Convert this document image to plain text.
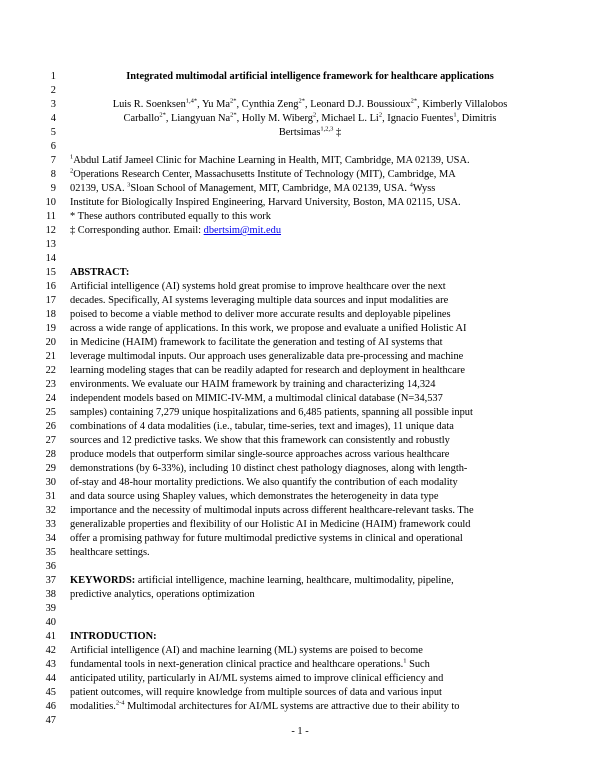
1
2
3
4
5
6
7
8
9
10
11
12
13
14
15
16
17
18
19
20
21
22
23
24
25
26
27
28
29
30
31
32
33
34
35
36
37
38
39
40
41
42
43
44
45
46
47
Integrated multimodal artificial intelligence framework for healthcare applications
Luis R. Soenksen$^{1,4*}$, Yu $Ma^{2*}$, Cynthia Zeng$^{2*}$, Leonard D.J. Boussioux$^{2*}$, Kimberly Villalobos
Carballo$^{2*}$, Liangyuan $Na^{2*}$, Holly M. Wiberg$^2$, Michael L. Li$^2$, Ignacio Fuentes$^1$, Dimitris
Bertsimas$^{1,2,3}$ ‡
$^1$Abdul Latif Jameel Clinic for Machine Learning in Health, MIT, Cambridge, MA 02139, USA.
$^2$Operations Research Center, Massachusetts Institute of Technology (MIT), Cambridge, MA
02139, USA. $^3$Sloan School of Management, MIT, Cambridge, MA 02139, USA. $^4$Wyss
Institute for Biologically Inspired Engineering, Harvard University, Boston, MA 02115, USA.
* These authors contributed equally to this work
‡ Corresponding author. Email: dbertsim@mit.edu
ABSTRACT:
Artificial intelligence (AI) systems hold great promise to improve healthcare over the next
decades. Specifically, AI systems leveraging multiple data sources and input modalities are
poised to become a viable method to deliver more accurate results and deployable pipelines
across a wide range of applications. In this work, we propose and evaluate a unified Holistic AI
in Medicine (HAIM) framework to facilitate the generation and testing of AI systems that
leverage multimodal inputs. Our approach uses generalizable data pre-processing and machine
learning modeling stages that can be readily adapted for research and deployment in healthcare
environments. We evaluate our HAIM framework by training and characterizing 14,324
independent models based on MIMIC-IV-MM, a multimodal clinical database (N=34,537
samples) containing 7,279 unique hospitalizations and 6,485 patients, spanning all possible input
combinations of 4 data modalities (i.e., tabular, time-series, text and images), 11 unique data
sources and 12 predictive tasks. We show that this framework can consistently and robustly
produce models that outperform similar single-source approaches across various healthcare
demonstrations (by 6-33%), including 10 distinct chest pathology diagnoses, along with length-
of-stay and 48-hour mortality predictions. We also quantify the contribution of each modality
and data source using Shapley values, which demonstrates the heterogeneity in data type
importance and the necessity of multimodal inputs across different healthcare-relevant tasks. The
generalizable properties and flexibility of our Holistic AI in Medicine (HAIM) framework could
offer a promising pathway for future multimodal predictive systems in clinical and operational
healthcare settings.
KEYWORDS: artificial intelligence, machine learning, healthcare, multimodality, pipeline,
predictive analytics, operations optimization
INTRODUCTION:
Artificial intelligence (AI) and machine learning (ML) systems are poised to become
fundamental tools in next-generation clinical practice and healthcare operations.$^1$ Such
anticipated utility, particularly in AI/ML systems aimed to improve clinical efficiency and
patient outcomes, will require knowledge from multiple sources of data and various input
modalities.$^{2-4}$ Multimodal architectures for AI/ML systems are attractive due to their ability to
- 1 -
